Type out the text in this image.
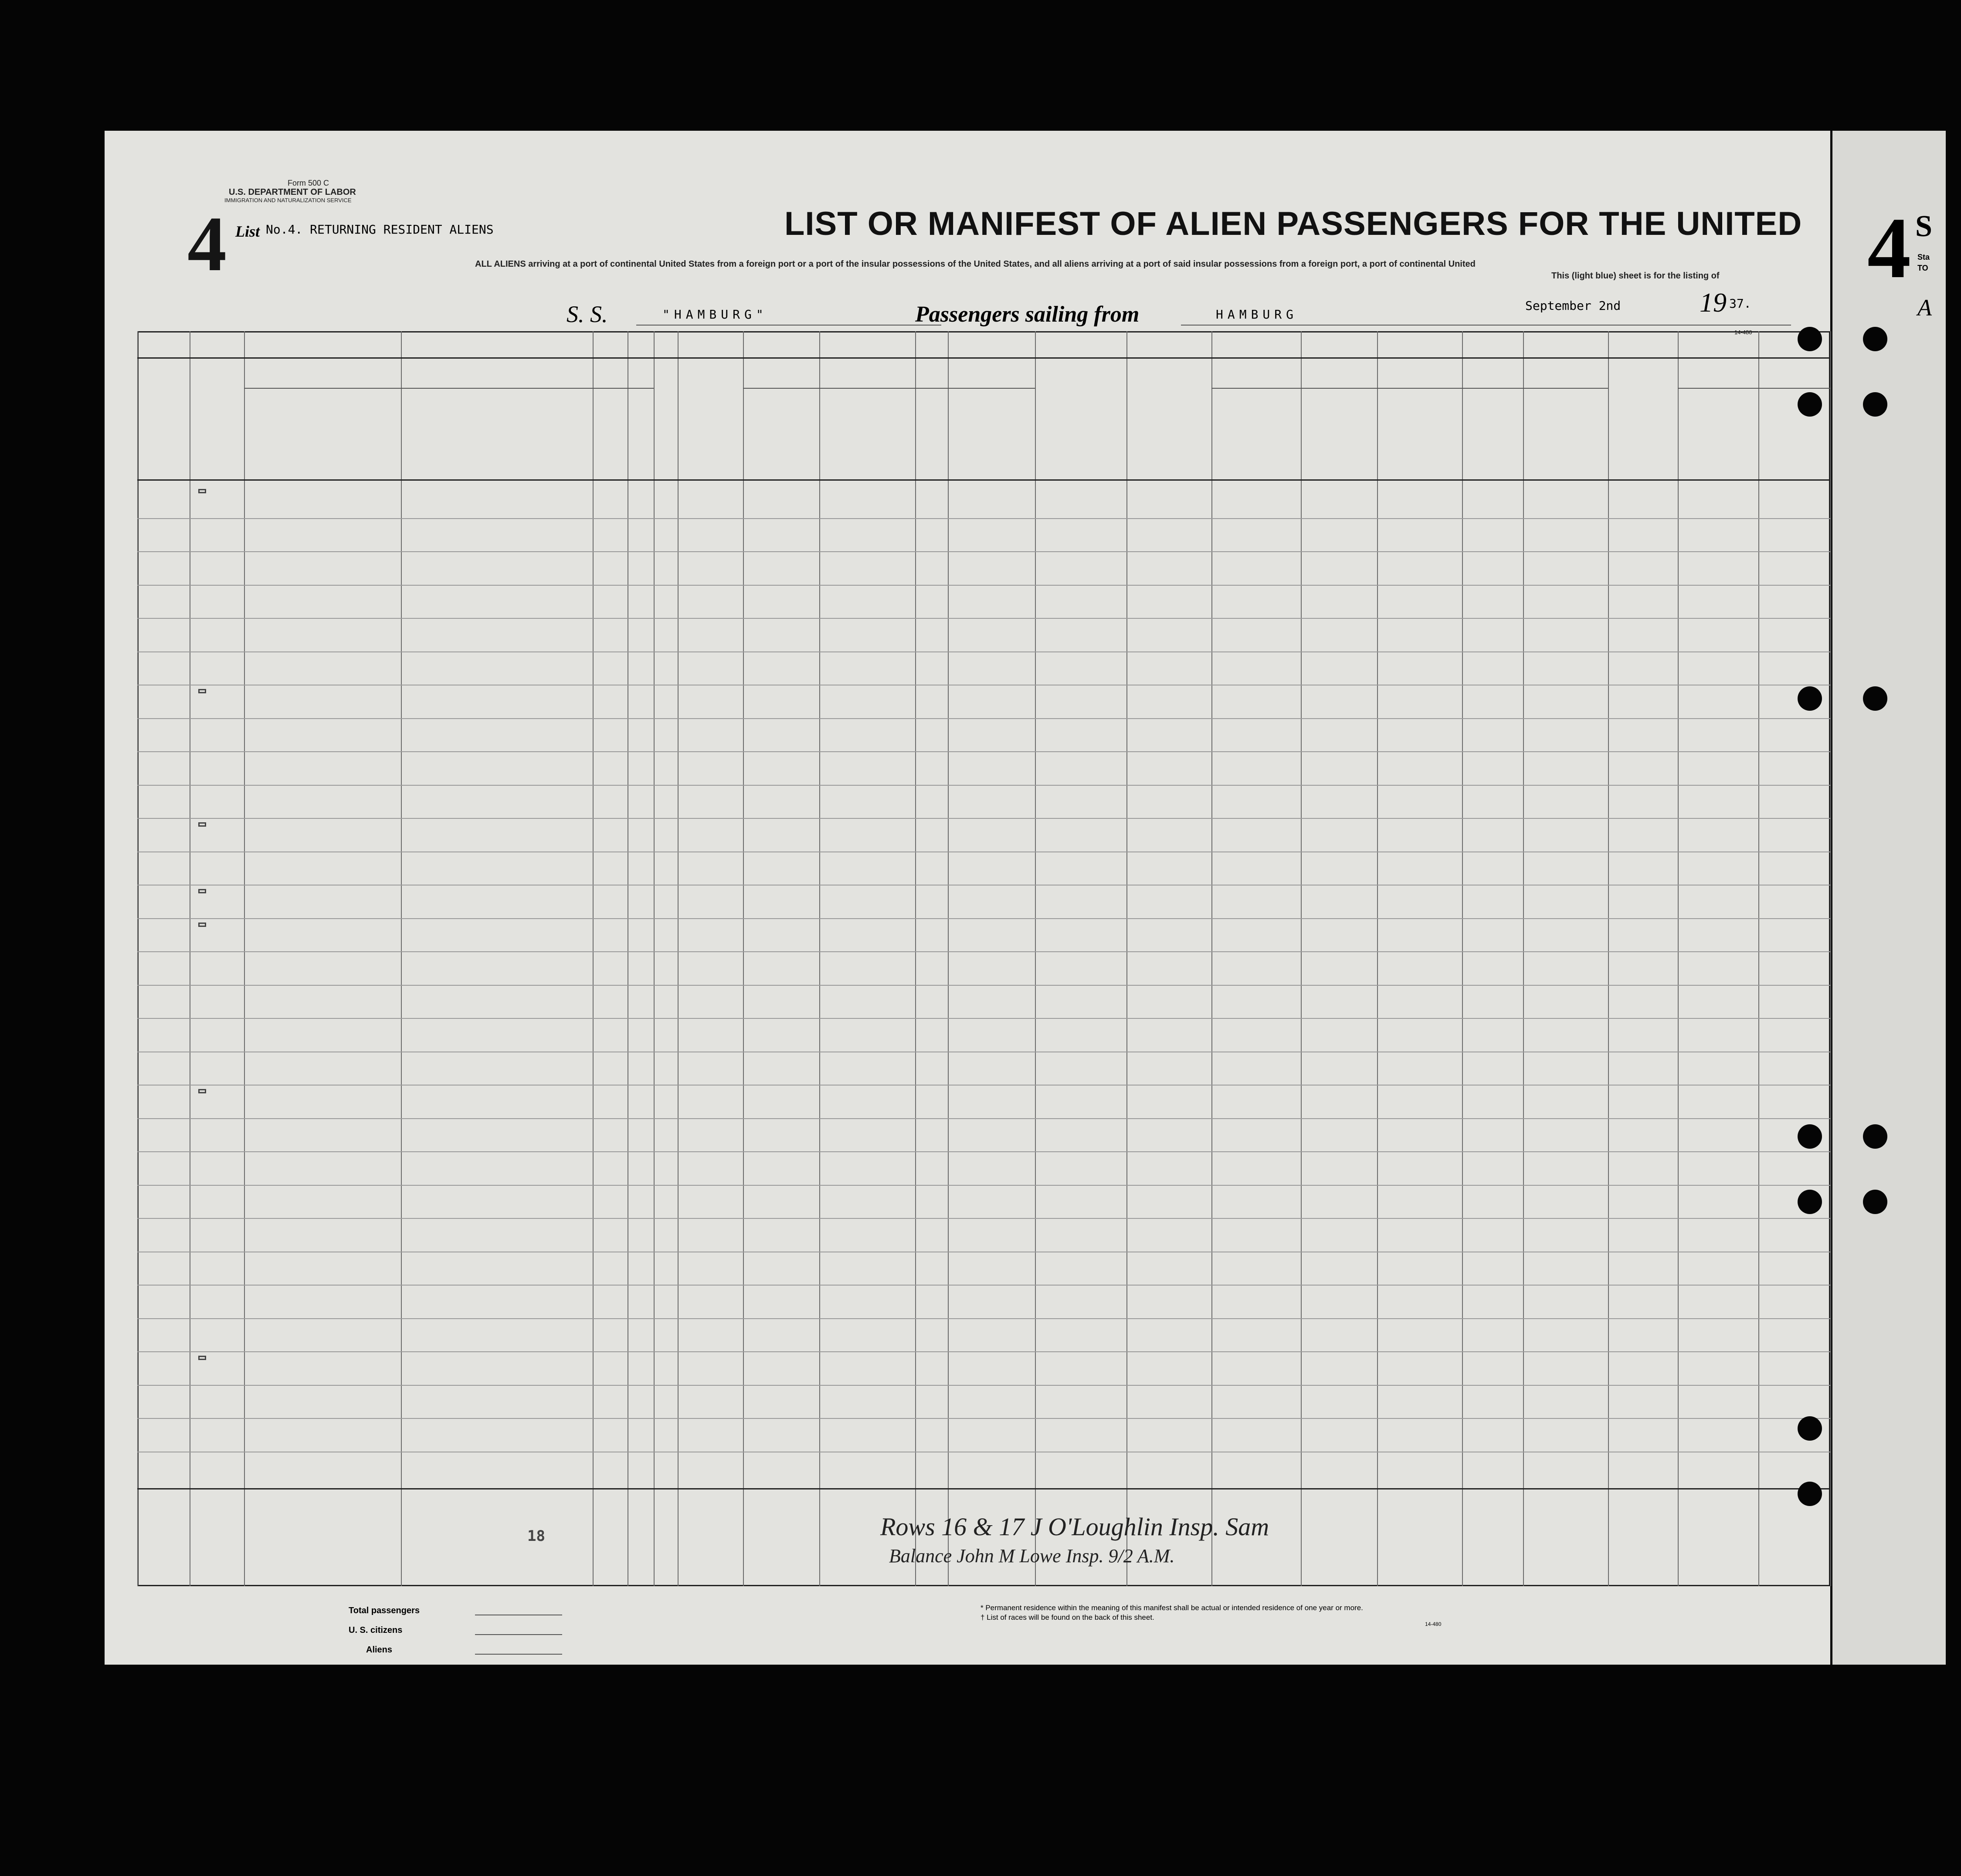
Form 500 C
U.S. DEPARTMENT OF LABOR
IMMIGRATION AND NATURALIZATION SERVICE
4 List No.4. RETURNING RESIDENT ALIENS	LIST OR MANIFEST OF ALIEN PASSENGERS FOR THE UNITED
ALL ALIENS arriving at a port of continental United States from a foreign port or a port of the insular possessions of the United States, and all aliens arriving at a port of said insular possessions from a foreign port, a port of continental United
This (light blue) sheet is for the listing of
S. S.	"HAMBURG"	Passengers sailing from	HAMBURG
September 2nd	19 37.
14-480
18	Rows 16 & 17 J O'Loughlin Insp. Sam
Balance John M Lowe Insp. 9/2 A.M.
Total passengers
U. S. citizens
Aliens
* Permanent residence within the meaning of this manifest shall be actual or intended residence of one year or more.
† List of races will be found on the back of this sheet.
14-480
4 S
Sta
TO
A
